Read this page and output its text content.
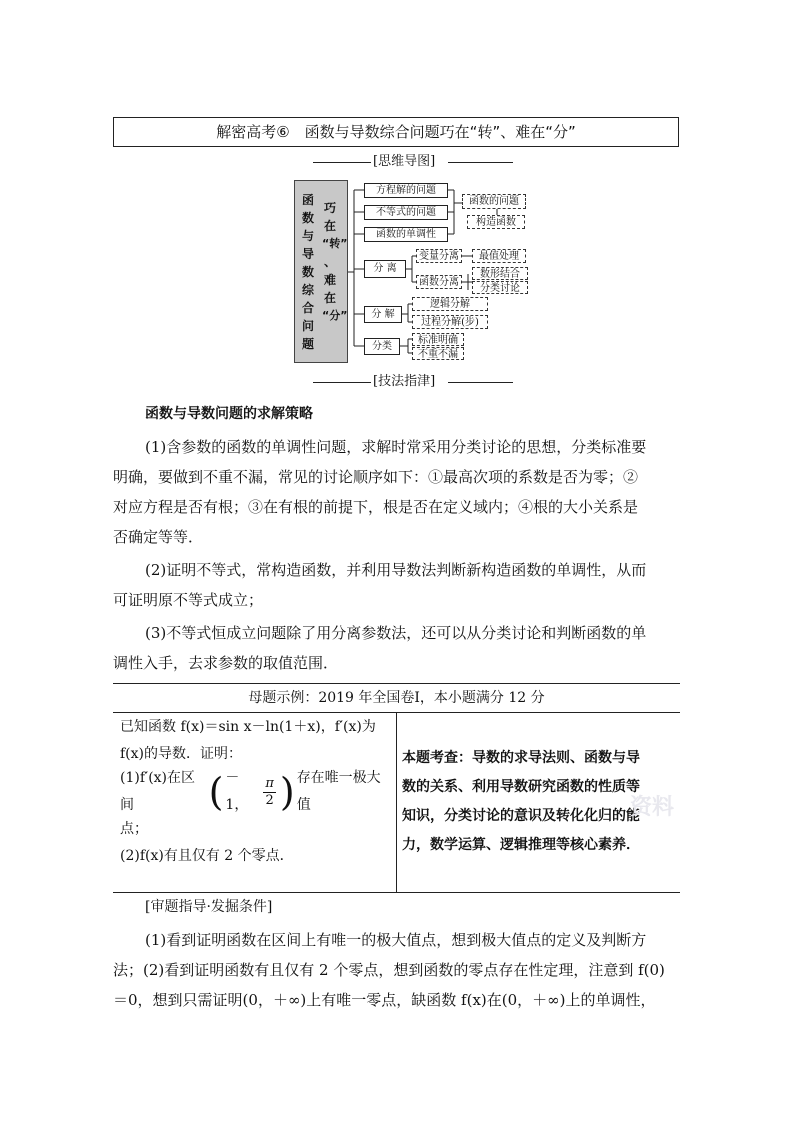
解密高考⑥　函数与导数综合问题巧在“转”、难在“分”
[思维导图]
函
数
与
导
数
综
合
问
题
巧
在
“转”
、
难
在
“分”
方程解的问题
不等式的问题
函数的单调性
函数的问题
构造函数
分 离
变量分离
函数分离
最值处理
数形结合
分类讨论
分 解
逻辑分解
过程分解(步)
分类
标准明确
不重不漏
[技法指津]
函数与导数问题的求解策略
(1)含参数的函数的单调性问题，求解时常采用分类讨论的思想，分类标准要
明确，要做到不重不漏，常见的讨论顺序如下：①最高次项的系数是否为零；②
对应方程是否有根；③在有根的前提下，根是否在定义域内；④根的大小关系是
否确定等等．
(2)证明不等式，常构造函数，并利用导数法判断新构造函数的单调性，从而
可证明原不等式成立；
(3)不等式恒成立问题除了用分离参数法，还可以从分类讨论和判断函数的单
调性入手，去求参数的取值范围．
母题示例：2019 年全国卷Ⅰ，本小题满分 12 分
已知函数 f(x)＝sin x－ln(1＋x)，f′(x)为
f(x)的导数．证明：
(1)f′(x)在区间	( －1，	$\frac{\pi}{2}$ ) 存在唯一极大值
点；
(2)f(x)有且仅有 2 个零点．
本题考查：导数的求导法则、函数与导
数的关系、利用导数研究函数的性质等
知识，分类讨论的意识及转化化归的能
力，数学运算、逻辑推理等核心素养．
资料
[审题指导·发掘条件]
(1)看到证明函数在区间上有唯一的极大值点，想到极大值点的定义及判断方
法；(2)看到证明函数有且仅有 2 个零点，想到函数的零点存在性定理，注意到 f(0)
＝0，想到只需证明(0，＋∞)上有唯一零点，缺函数 f(x)在(0，＋∞)上的单调性，
